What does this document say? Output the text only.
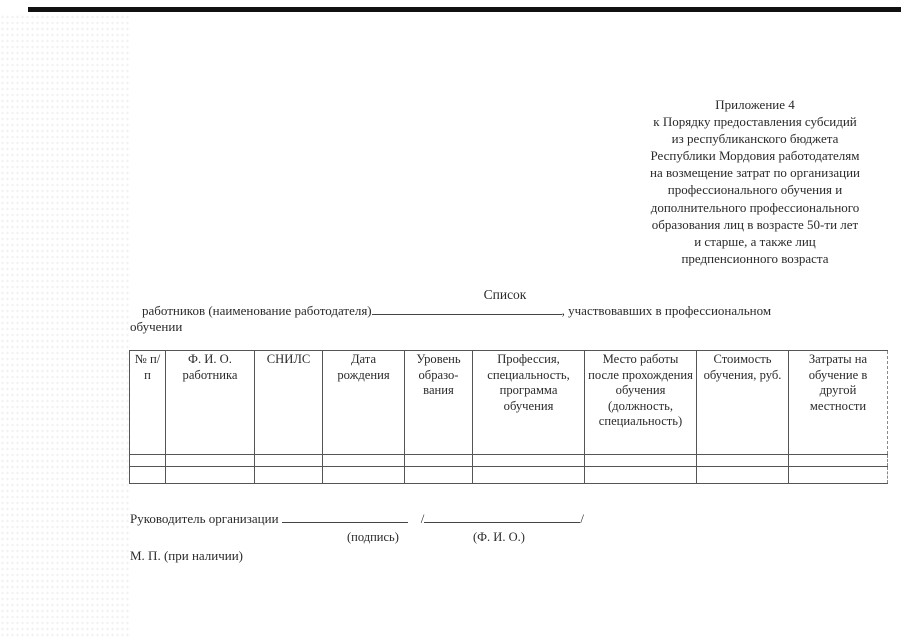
Приложение 4
к Порядку предоставления субсидий
из республиканского бюджета
Республики Мордовия работодателям
на возмещение затрат по организации
профессионального обучения и
дополнительного профессионального
образования лиц в возрасте 50-ти лет
и старше, а также лиц
предпенсионного возраста
Список
работников (наименование работодателя)	, участвовавших в профессиональном
обучении
№ п/п	Ф. И. О. работника	СНИЛС	Дата рождения	Уровень образо- вания	Профессия, специальность, программа обучения	Место работы после прохождения обучения (должность, специальность)	Стоимость обучения, руб.	Затраты на обучение в другой местности

Руководитель организации	/	/
(подпись)	(Ф. И. О.)
М. П. (при наличии)
